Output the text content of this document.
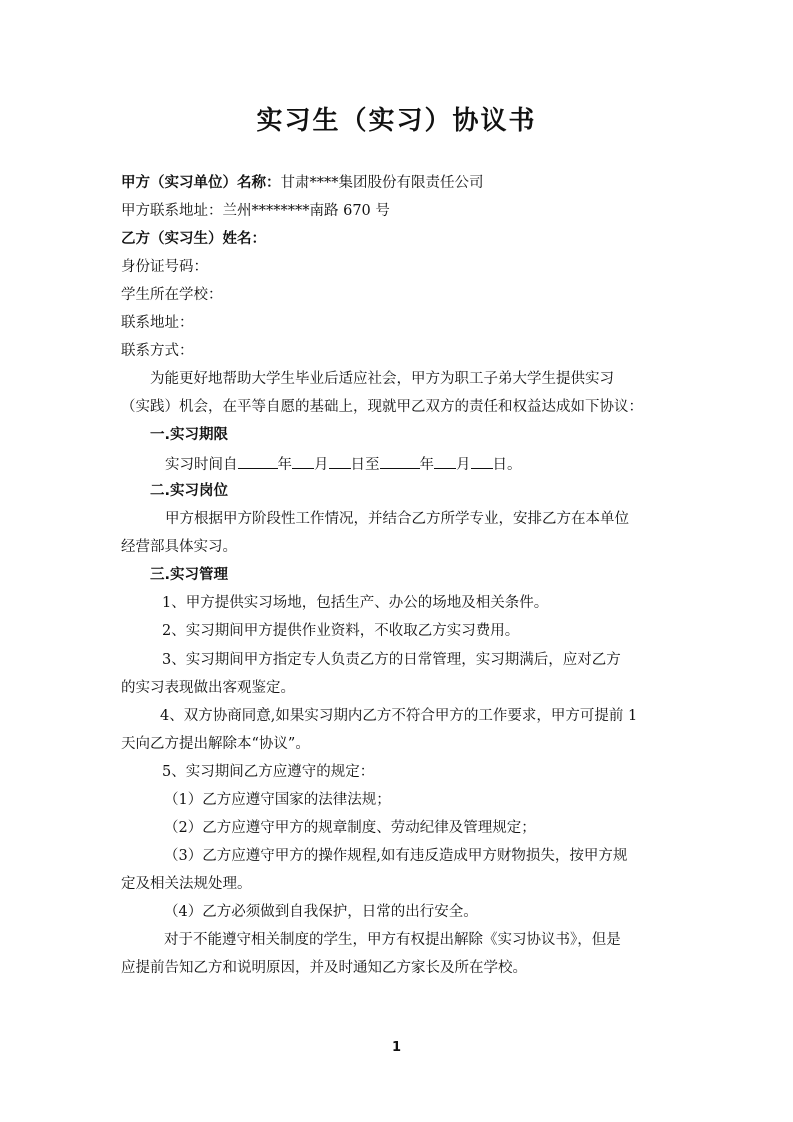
实习生（实习）协议书
甲方（实习单位）名称：甘肃****集团股份有限责任公司
甲方联系地址：兰州********南路 670 号
乙方（实习生）姓名：
身份证号码：
学生所在学校：
联系地址：
联系方式：
为能更好地帮助大学生毕业后适应社会，甲方为职工子弟大学生提供实习
（实践）机会，在平等自愿的基础上，现就甲乙双方的责任和权益达成如下协议：
一.实习期限
实习时间自	年 月 日至	年 月 日。
二.实习岗位
甲方根据甲方阶段性工作情况，并结合乙方所学专业，安排乙方在本单位
经营部具体实习。
三.实习管理
1、甲方提供实习场地，包括生产、办公的场地及相关条件。
2、实习期间甲方提供作业资料，不收取乙方实习费用。
3、实习期间甲方指定专人负责乙方的日常管理，实习期满后，应对乙方
的实习表现做出客观鉴定。
4、双方协商同意,如果实习期内乙方不符合甲方的工作要求，甲方可提前 1
天向乙方提出解除本“协议”。
5、实习期间乙方应遵守的规定：
（1）乙方应遵守国家的法律法规；
（2）乙方应遵守甲方的规章制度、劳动纪律及管理规定；
（3）乙方应遵守甲方的操作规程,如有违反造成甲方财物损失，按甲方规
定及相关法规处理。
（4）乙方必须做到自我保护，日常的出行安全。
对于不能遵守相关制度的学生，甲方有权提出解除《实习协议书》，但是
应提前告知乙方和说明原因，并及时通知乙方家长及所在学校。
1
